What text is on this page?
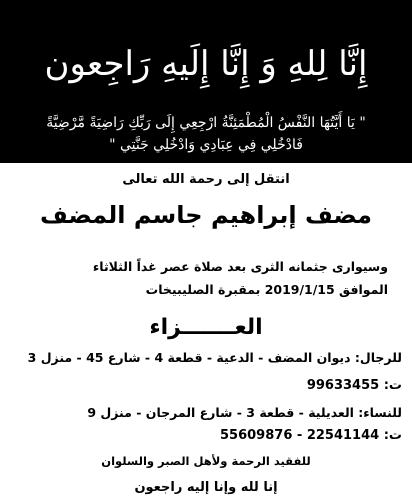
إِنَّا لِلهِ وَ إِنَّا إِلَيهِ رَاجِعون
" يَا أَيَّتُهَا النَّفْسُ الْمُطْمَئِنَّةُ ارْجِعِي إِلَى رَبِّكِ رَاضِيَةً مَّرْضِيَّةً
فَادْخُلِي فِي عِبَادِي وَادْخُلِي جَنَّتِي "
انتقل إلى رحمة الله تعالى
مضف إبراهيم جاسم المضف
وسيوارى جثمانه الثرى بعد صلاة عصر غداً الثلاثاء
الموافق 2019/1/15 بمقبرة الصليبيخات
العـــــــزاء
للرجال: ديوان المضف - الدعية - قطعة 4 - شارع 45 - منزل 3
ت: 99633455
للنساء: العديلية - قطعة 3 - شارع المرجان - منزل 9
ت: 22541144 - 55609876
للفقيد الرحمة ولأهل الصبر والسلوان
إنا لله وإنا إليه راجعون
